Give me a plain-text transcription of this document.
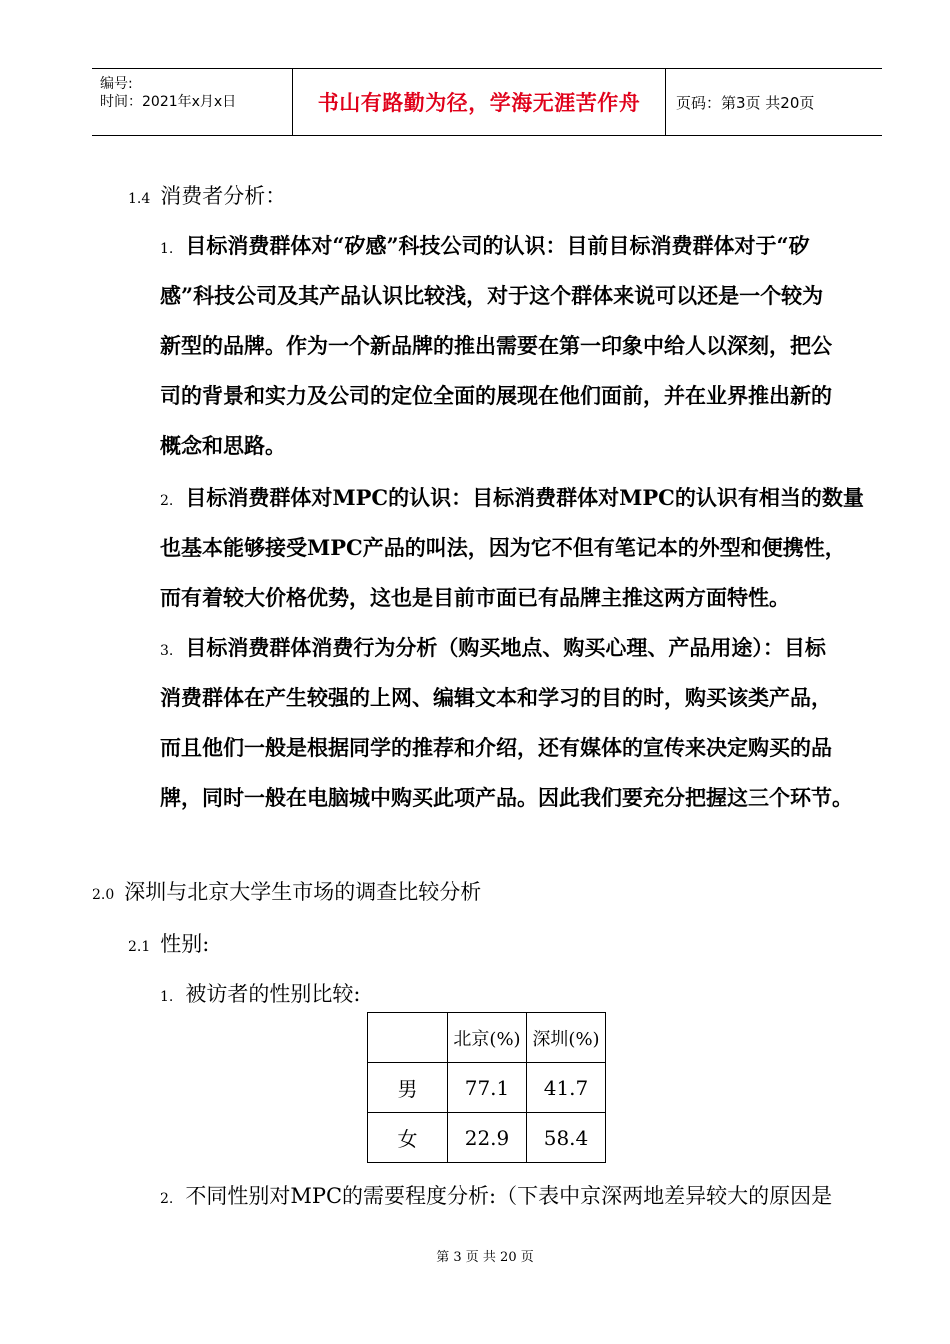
编号:
时间：2021年x月x日	书山有路勤为径，学海无涯苦作舟	页码：第3页 共20页
1.4 消费者分析：
1. 目标消费群体对“矽感”科技公司的认识：目前目标消费群体对于“矽
感”科技公司及其产品认识比较浅，对于这个群体来说可以还是一个较为
新型的品牌。作为一个新品牌的推出需要在第一印象中给人以深刻，把公
司的背景和实力及公司的定位全面的展现在他们面前，并在业界推出新的
概念和思路。
2. 目标消费群体对MPC的认识：目标消费群体对MPC的认识有相当的数量
也基本能够接受MPC产品的叫法，因为它不但有笔记本的外型和便携性，
而有着较大价格优势，这也是目前市面已有品牌主推这两方面特性。
3. 目标消费群体消费行为分析（购买地点、购买心理、产品用途）：目标
消费群体在产生较强的上网、编辑文本和学习的目的时，购买该类产品，
而且他们一般是根据同学的推荐和介绍，还有媒体的宣传来决定购买的品
牌，同时一般在电脑城中购买此项产品。因此我们要充分把握这三个环节。
2.0 深圳与北京大学生市场的调查比较分析
2.1 性别:
1. 被访者的性别比较:
	北京(%)	深圳(%)
男	77.1	41.7
女	22.9	58.4
2. 不同性别对MPC的需要程度分析:（下表中京深两地差异较大的原因是
第 3 页 共 20 页
